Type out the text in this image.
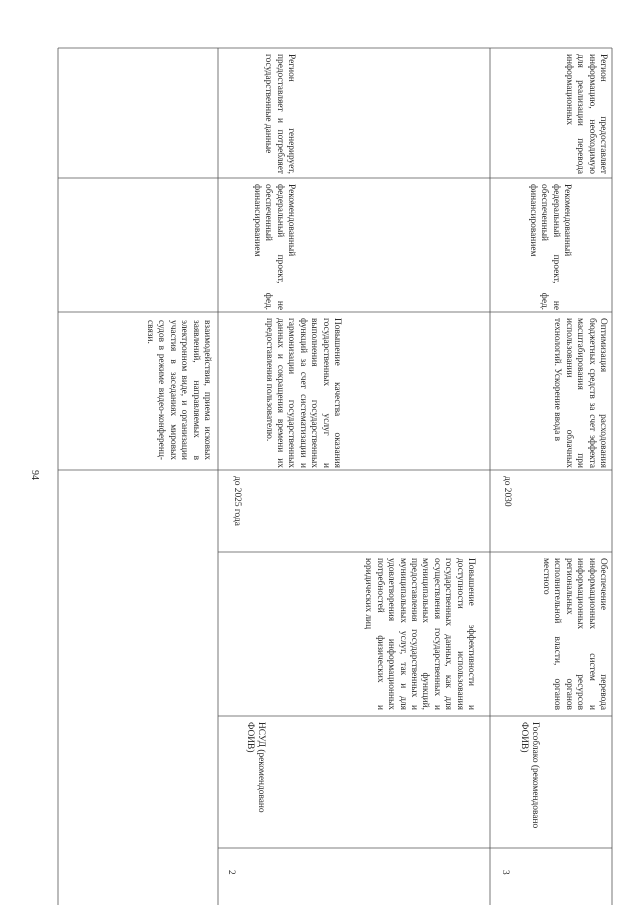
94
взаимодействия, приема исковых заявлений, направляемых в электронном виде, и организации участия в заседаниях мировых судов в режиме видео-конференц-связи.
2
НСУД (рекомендовано ФОИВ)
Повышение эффективности и доступности использования государственных данных, как для осуществления государственных и муниципальных функций, предоставления государственных и муниципальных услуг, так и для удовлетворения информационных потребностей физических и юридических лиц
до 2025 года
Повышение качества оказания государственных услуг и выполнения государственных функций за счет систематизации и гармонизации государственных данных и сокращения времени их предоставления пользователю.
Рекомендованный федеральный проект, не обеспеченный фед. финансированием
Регион генерирует, предоставляет и потребляет государственные данные
3
Гособлако (рекомендовано ФОИВ)
Обеспечение перевода информационных систем и информационных ресурсов региональных органов исполнительной власти, органов местного
до 2030
Оптимизация расходования бюджетных средств за счет эффекта масштабирования при использовании облачных технологий. Ускорение ввода в
Рекомендованный федеральный проект, не обеспеченный фед. финансированием
Регион предоставляет информацию, необходимую для реализации перевода информационных
